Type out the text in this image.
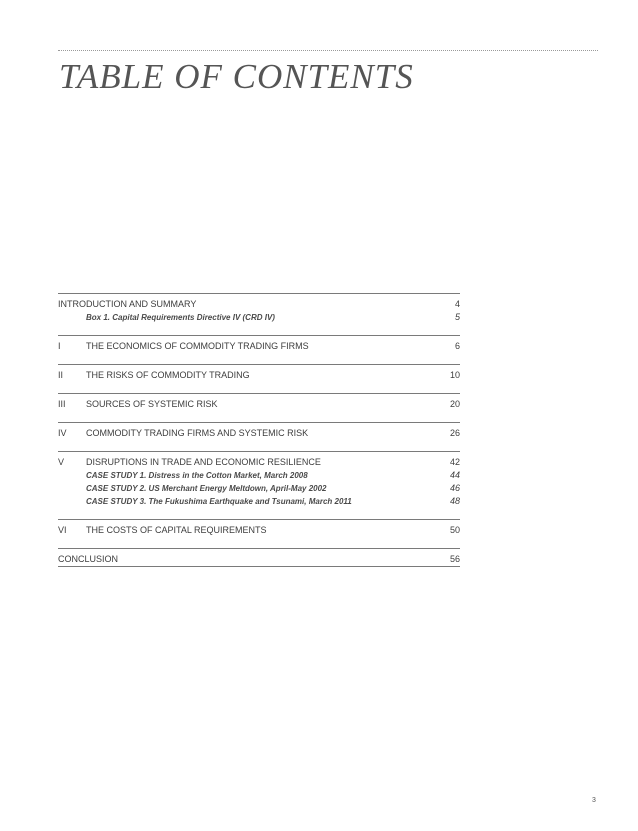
TABLE OF CONTENTS
INTRODUCTION AND SUMMARY	4
Box 1. Capital Requirements Directive IV (CRD IV)	5
I	THE ECONOMICS OF COMMODITY TRADING FIRMS	6
II	THE RISKS OF COMMODITY TRADING	10
III	SOURCES OF SYSTEMIC RISK	20
IV	COMMODITY TRADING FIRMS AND SYSTEMIC RISK	26
V	DISRUPTIONS IN TRADE AND ECONOMIC RESILIENCE	42
CASE STUDY 1. Distress in the Cotton Market, March 2008	44
CASE STUDY 2. US Merchant Energy Meltdown, April-May 2002	46
CASE STUDY 3. The Fukushima Earthquake and Tsunami, March 2011	48
VI	THE COSTS OF CAPITAL REQUIREMENTS	50
CONCLUSION	56
3
